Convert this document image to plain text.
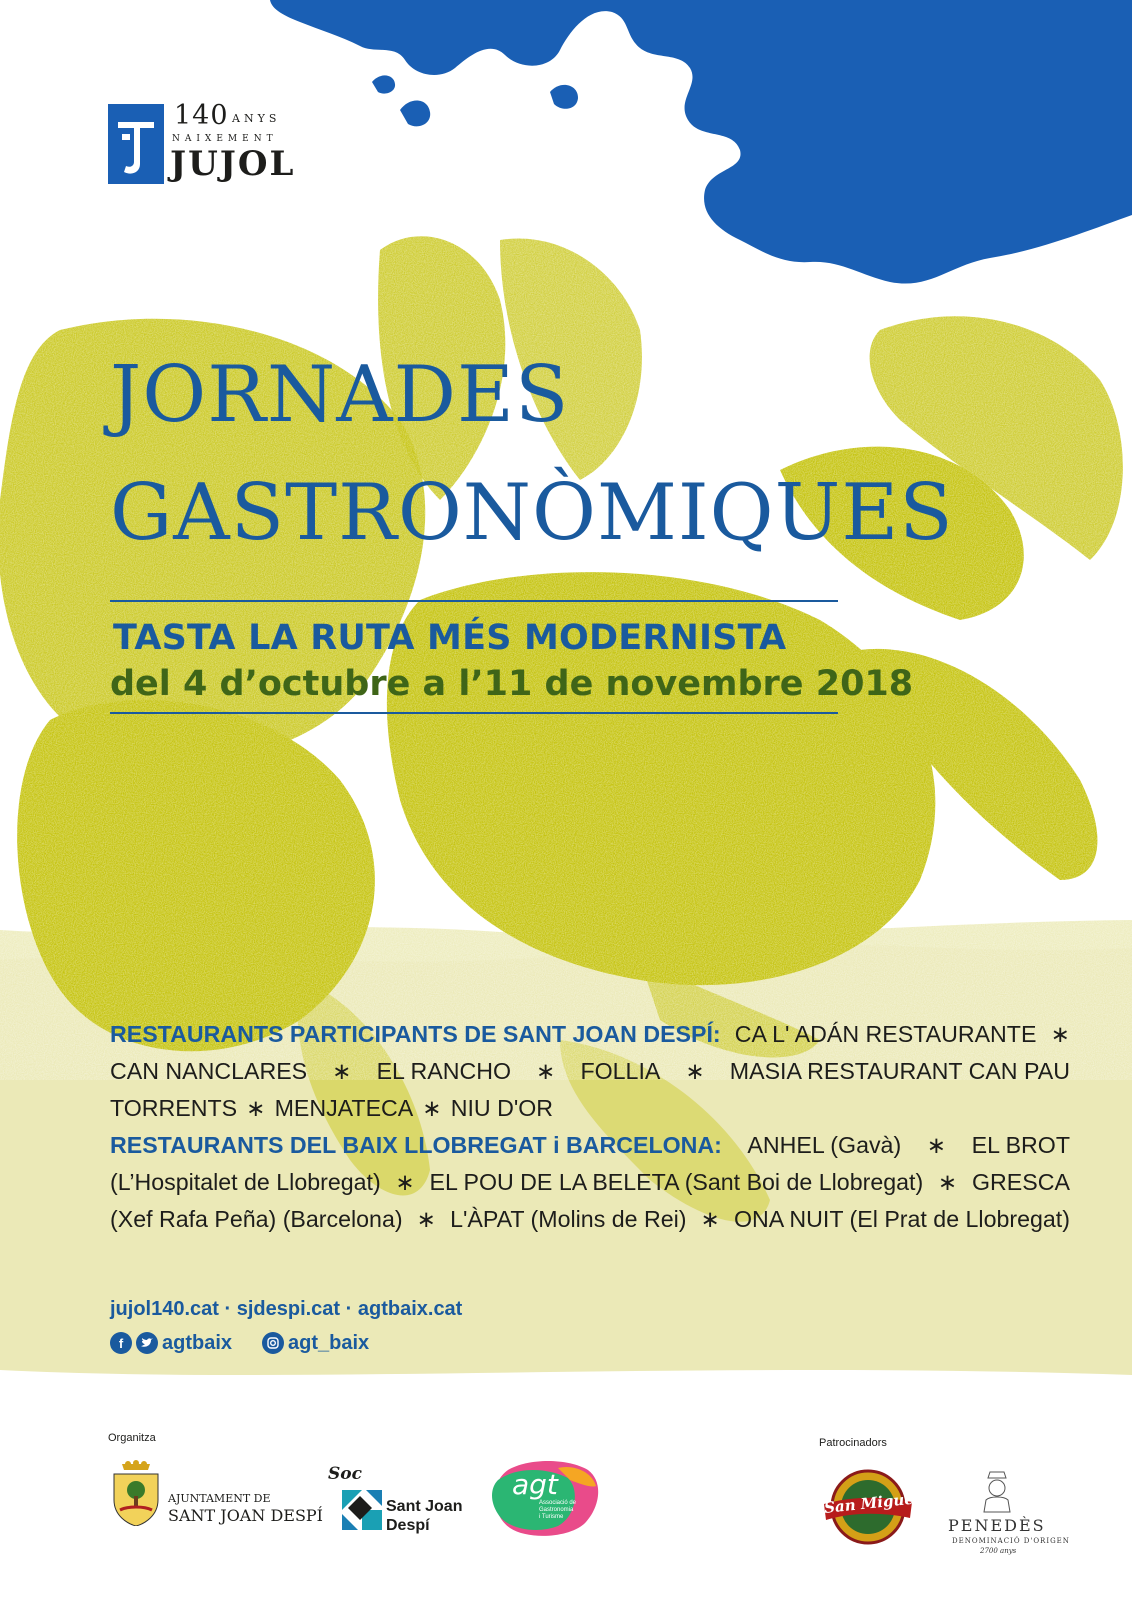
140 ANYS
NAIXEMENT
JUJOL
JORNADES
GASTRONÒMIQUES
TASTA LA RUTA MÉS MODERNISTA
del 4 d’octubre a l’11 de novembre 2018
RESTAURANTS PARTICIPANTS DE SANT JOAN DESPÍ: CA L' ADÁN RESTAURANTE ∗
CAN NANCLARES ∗ EL RANCHO ∗ FOLLIA ∗ MASIA RESTAURANT CAN PAU
TORRENTS ∗ MENJATECA ∗ NIU D'OR
RESTAURANTS DEL BAIX LLOBREGAT i BARCELONA: ANHEL (Gavà) ∗ EL BROT
(L’Hospitalet de Llobregat) ∗ EL POU DE LA BELETA (Sant Boi de Llobregat) ∗ GRESCA
(Xef Rafa Peña) (Barcelona) ∗ L'ÀPAT (Molins de Rei) ∗ ONA NUIT (El Prat de Llobregat)
jujol140.cat · sjdespi.cat · agtbaix.cat
f	agtbaix	agt_baix
Organitza	Patrocinadors
AJUNTAMENT DE
SANT JOAN DESPÍ
Soc
Sant Joan
Despí
agt
Associació de
Gastronomia
i Turisme
San Miguel
PENEDÈS
DENOMINACIÓ D'ORIGEN
2700 anys
